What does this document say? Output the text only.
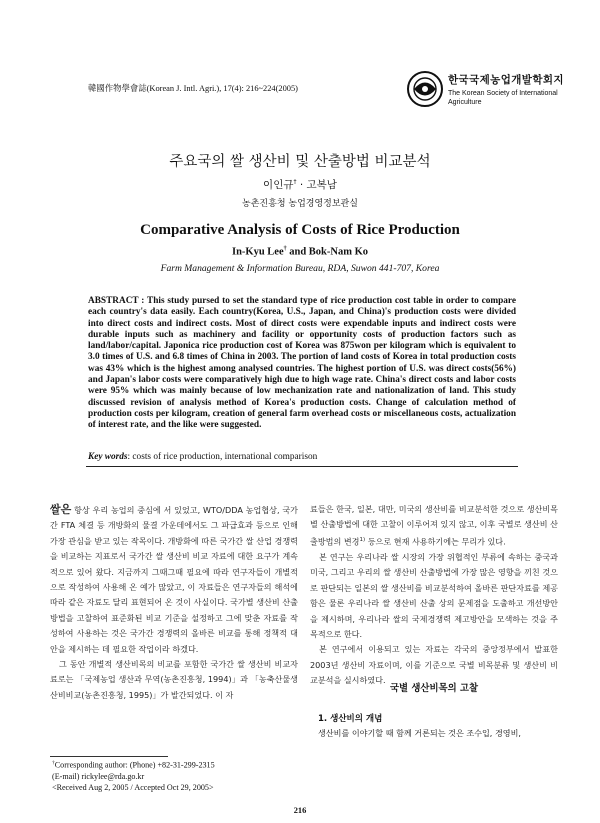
韓國作物學會誌(Korean J. Intl. Agri.), 17(4): 216~224(2005)
한국국제농업개발학회지
The Korean Society of International
Agriculture
주요국의 쌀 생산비 및 산출방법 비교분석
이인규† · 고복남
농촌진흥청 농업경영정보관실
Comparative Analysis of Costs of Rice Production
In-Kyu Lee† and Bok-Nam Ko
Farm Management & Information Bureau, RDA, Suwon 441-707, Korea
ABSTRACT : This study pursed to set the standard type of rice production cost table in order to compare each country's data easily. Each country(Korea, U.S., Japan, and China)'s production costs were divided into direct costs and indirect costs. Most of direct costs were expendable inputs and indirect costs were durable inputs such as machinery and facility or opportunity costs of production factors such as land/labor/capital. Japonica rice production cost of Korea was 875won per kilogram which is equivalent to 3.0 times of U.S. and 6.8 times of China in 2003. The portion of land costs of Korea in total production costs was 43% which is the highest among analysed countries. The highest portion of U.S. was direct costs(56%) and Japan's labor costs were comparatively high due to high wage rate. China's direct costs and labor costs were 95% which was mainly because of low mechanization rate and nationalization of land. This study discussed revision of analysis method of Korea's production costs. Change of calculation method of production costs per kilogram, creation of general farm overhead costs or miscellaneous costs, actualization of interest rate, and the like were suggested.
Key words: costs of rice production, international comparison

쌀은 항상 우리 농업의 중심에 서 있었고, WTO/DDA 농업협상, 국가간 FTA 체결 등 개방화의 물결 가운데에서도 그 파급효과 등으로 인해 가장 관심을 받고 있는 작목이다. 개방화에 따른 국가간 쌀 산업 경쟁력을 비교하는 지표로서 국가간 쌀 생산비 비교 자료에 대한 요구가 계속적으로 있어 왔다. 지금까지 그때그때 필요에 따라 연구자들이 개별적으로 작성하여 사용해 온 예가 많았고, 이 자료들은 연구자들의 해석에 따라 같은 자료도 달리 표현되어 온 것이 사실이다. 국가별 생산비 산출방법을 고찰하여 표준화된 비교 기준을 설정하고 그에 맞춘 자료를 작성하여 사용하는 것은 국가간 경쟁력의 올바른 비교를 통해 정책적 대안을 제시하는 데 필요한 작업이라 하겠다.

그 동안 개별적 생산비목의 비교를 포함한 국가간 쌀 생산비 비교자료로는 「국제농업 생산과 무역(농촌진흥청, 1994)」과 「농축산물생산비비교(농촌진흥청, 1995)」가 발간되었다. 이 자

료들은 한국, 일본, 대만, 미국의 생산비를 비교분석한 것으로 생산비목별 산출방법에 대한 고찰이 이루어져 있지 않고, 이후 국별로 생산비 산출방법의 변경$^{1)}$ 등으로 현재 사용하기에는 무리가 있다.

본 연구는 우리나라 쌀 시장의 가장 위협적인 부류에 속하는 중국과 미국, 그리고 우리의 쌀 생산비 산출방법에 가장 많은 영향을 끼친 것으로 판단되는 일본의 쌀 생산비를 비교분석하여 올바른 판단자료를 제공함은 물론 우리나라 쌀 생산비 산출 상의 문제점을 도출하고 개선방안을 제시하며, 우리나라 쌀의 국제경쟁력 제고방안을 모색하는 것을 주 목적으로 한다.

본 연구에서 이용되고 있는 자료는 각국의 중앙정부에서 발표한 2003년 생산비 자료이며, 이를 기준으로 국별 비목분류 및 생산비 비교분석을 실시하였다.

국별 생산비목의 고찰
1. 생산비의 개념
생산비를 이야기할 때 함께 거론되는 것은 조수입, 경영비,
†Corresponding author: (Phone) +82-31-299-2315
(E-mail) rickylee@rda.go.kr
<Received Aug 2, 2005 / Accepted Oct 29, 2005>
216
